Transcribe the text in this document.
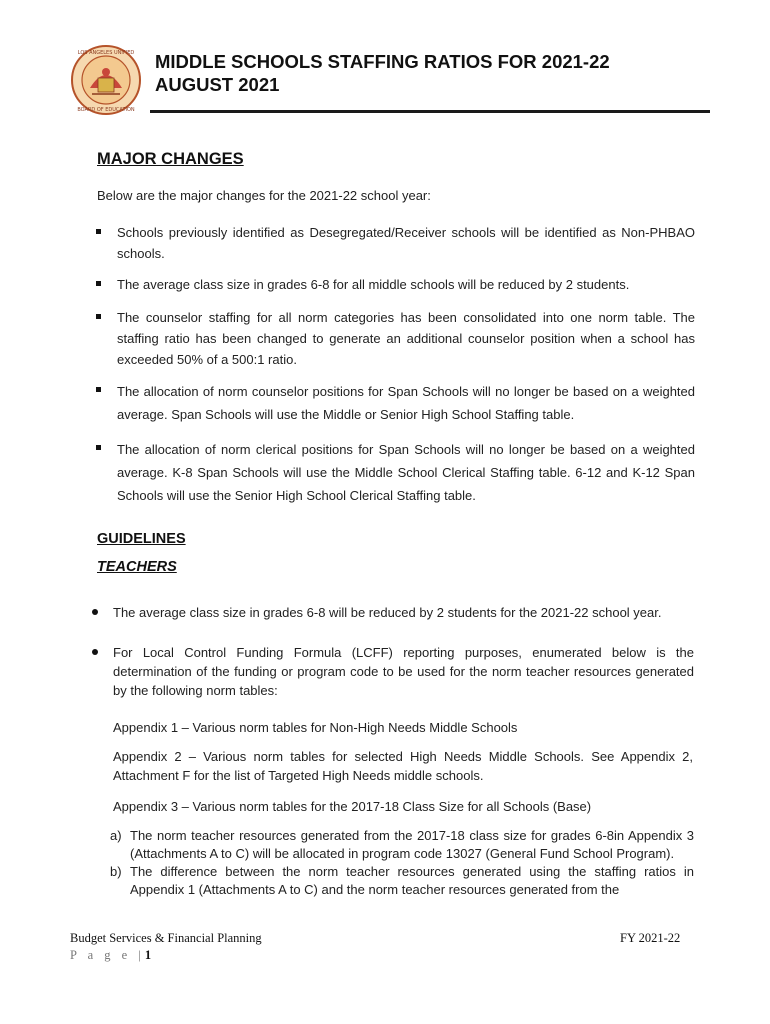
LOS ANGELES UNIFIED
BOARD OF EDUCATION
MIDDLE SCHOOLS STAFFING RATIOS FOR 2021-22
AUGUST 2021
MAJOR CHANGES
Below are the major changes for the 2021-22 school year:
Schools previously identified as Desegregated/Receiver schools will be identified as Non-PHBAO schools.
The average class size in grades 6-8 for all middle schools will be reduced by 2 students.
The counselor staffing for all norm categories has been consolidated into one norm table. The staffing ratio has been changed to generate an additional counselor position when a school has exceeded 50% of a 500:1 ratio.
The allocation of norm counselor positions for Span Schools will no longer be based on a weighted average. Span Schools will use the Middle or Senior High School Staffing table.
The allocation of norm clerical positions for Span Schools will no longer be based on a weighted average. K-8 Span Schools will use the Middle School Clerical Staffing table. 6-12 and K-12 Span Schools will use the Senior High School Clerical Staffing table.
GUIDELINES
TEACHERS
The average class size in grades 6-8 will be reduced by 2 students for the 2021-22 school year.
For Local Control Funding Formula (LCFF) reporting purposes, enumerated below is the determination of the funding or program code to be used for the norm teacher resources generated by the following norm tables:
Appendix 1 – Various norm tables for Non-High Needs Middle Schools
Appendix 2 – Various norm tables for selected High Needs Middle Schools. See Appendix 2, Attachment F for the list of Targeted High Needs middle schools.
Appendix 3 – Various norm tables for the 2017-18 Class Size for all Schools (Base)
a) The norm teacher resources generated from the 2017-18 class size for grades 6-8in Appendix 3 (Attachments A to C) will be allocated in program code 13027 (General Fund School Program).
b) The difference between the norm teacher resources generated using the staffing ratios in Appendix 1 (Attachments A to C) and the norm teacher resources generated from the
Budget Services & Financial Planning	FY 2021-22
P a g e |1
